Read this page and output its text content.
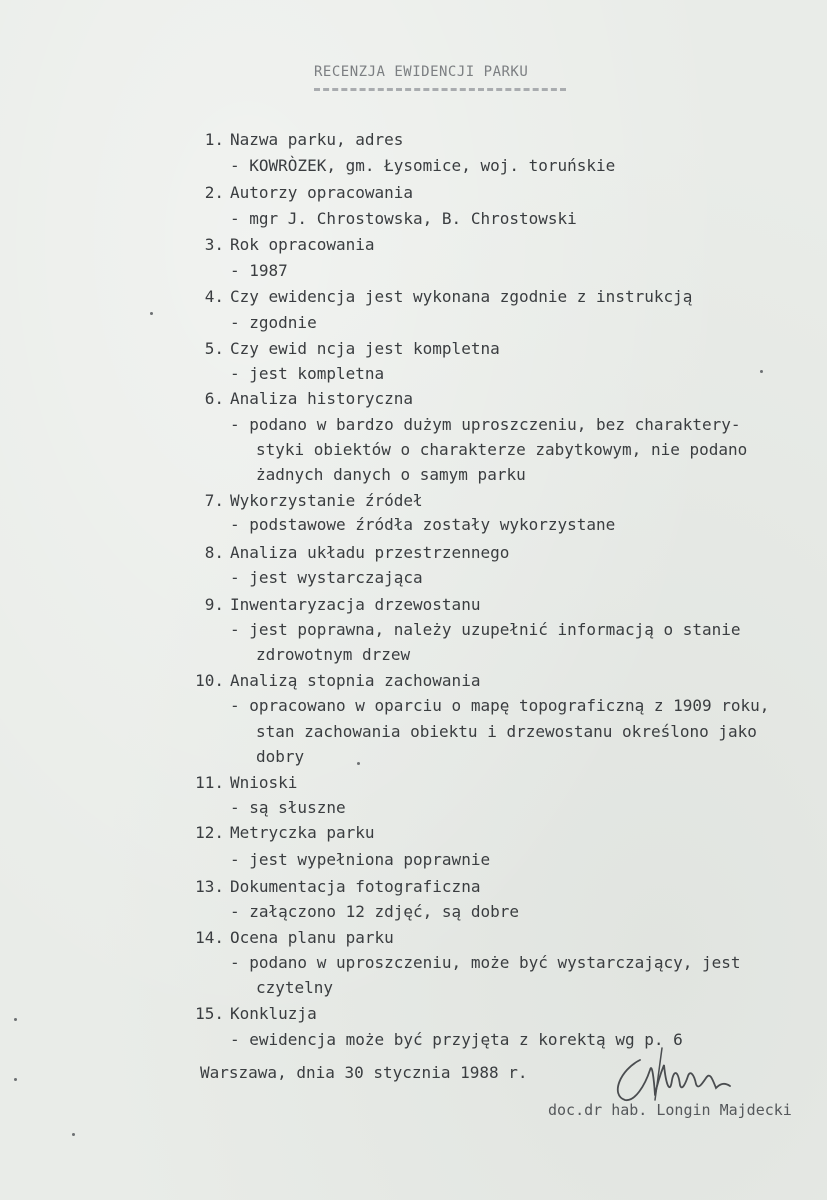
RECENZJA EWIDENCJI PARKU
1. Nazwa parku, adres
- KOWRÒZEK, gm. Łysomice, woj. toruńskie
2. Autorzy opracowania
- mgr J. Chrostowska, B. Chrostowski
3. Rok opracowania
- 1987
4. Czy ewidencja jest wykonana zgodnie z instrukcją
- zgodnie
5. Czy ewid ncja jest kompletna
- jest kompletna
6. Analiza historyczna
- podano w bardzo dużym uproszczeniu, bez charaktery-
styki obiektów o charakterze zabytkowym, nie podano
żadnych danych o samym parku
7. Wykorzystanie źródeł
- podstawowe źródła zostały wykorzystane
8. Analiza układu przestrzennego
- jest wystarczająca
9. Inwentaryzacja drzewostanu
- jest poprawna, należy uzupełnić informacją o stanie
zdrowotnym drzew
10. Analizą stopnia zachowania
- opracowano w oparciu o mapę topograficzną z 1909 roku,
stan zachowania obiektu i drzewostanu określono jako
dobry
11. Wnioski
- są słuszne
12. Metryczka parku
- jest wypełniona poprawnie
13. Dokumentacja fotograficzna
- załączono 12 zdjęć, są dobre
14. Ocena planu parku
- podano w uproszczeniu, może być wystarczający, jest
czytelny
15. Konkluzja
- ewidencja może być przyjęta z korektą wg p. 6
Warszawa, dnia 30 stycznia 1988 r.
doc.dr hab. Longin Majdecki
